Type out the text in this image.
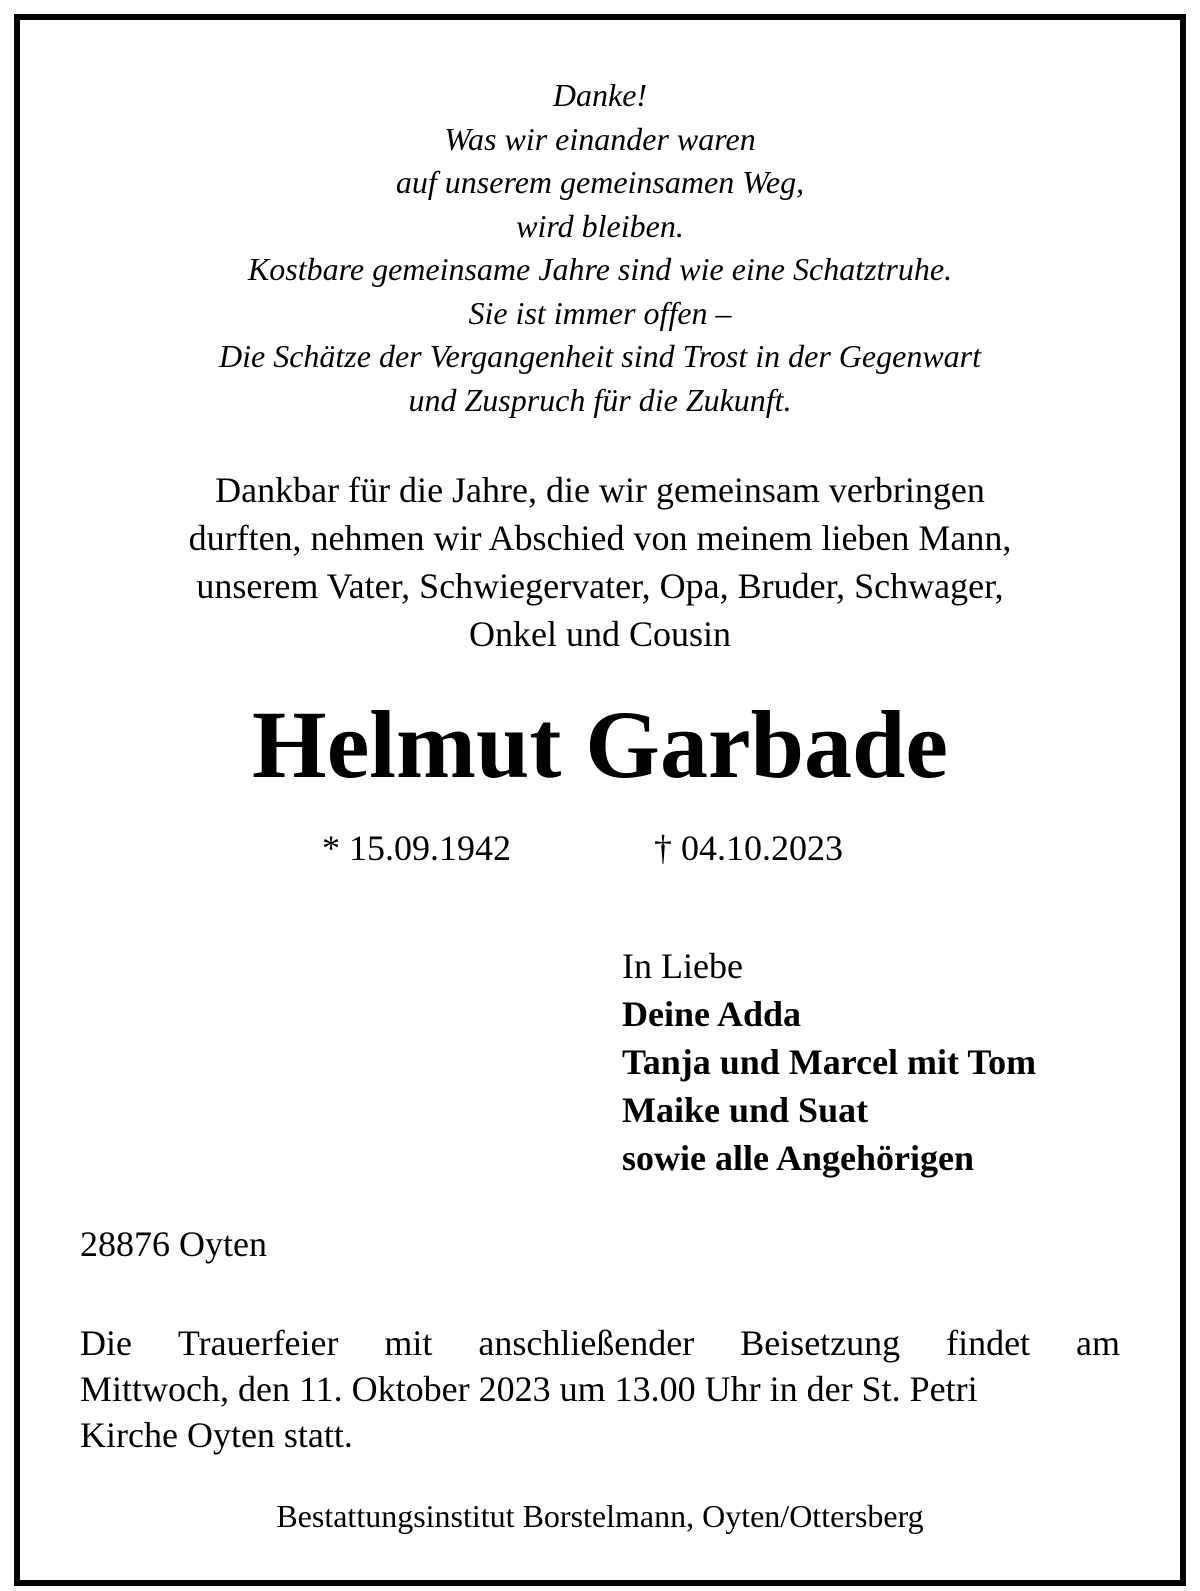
Danke!
Was wir einander waren
auf unserem gemeinsamen Weg,
wird bleiben.
Kostbare gemeinsame Jahre sind wie eine Schatztruhe.
Sie ist immer offen –
Die Schätze der Vergangenheit sind Trost in der Gegenwart
und Zuspruch für die Zukunft.
Dankbar für die Jahre, die wir gemeinsam verbringen
durften, nehmen wir Abschied von meinem lieben Mann,
unserem Vater, Schwiegervater, Opa, Bruder, Schwager,
Onkel und Cousin
Helmut Garbade
* 15.09.1942	† 04.10.2023
In Liebe
Deine Adda
Tanja und Marcel mit Tom
Maike und Suat
sowie alle Angehörigen
28876 Oyten
Die Trauerfeier mit anschließender Beisetzung findet am
Mittwoch, den 11. Oktober 2023 um 13.00 Uhr in der St. Petri
Kirche Oyten statt.
Bestattungsinstitut Borstelmann, Oyten/Ottersberg
